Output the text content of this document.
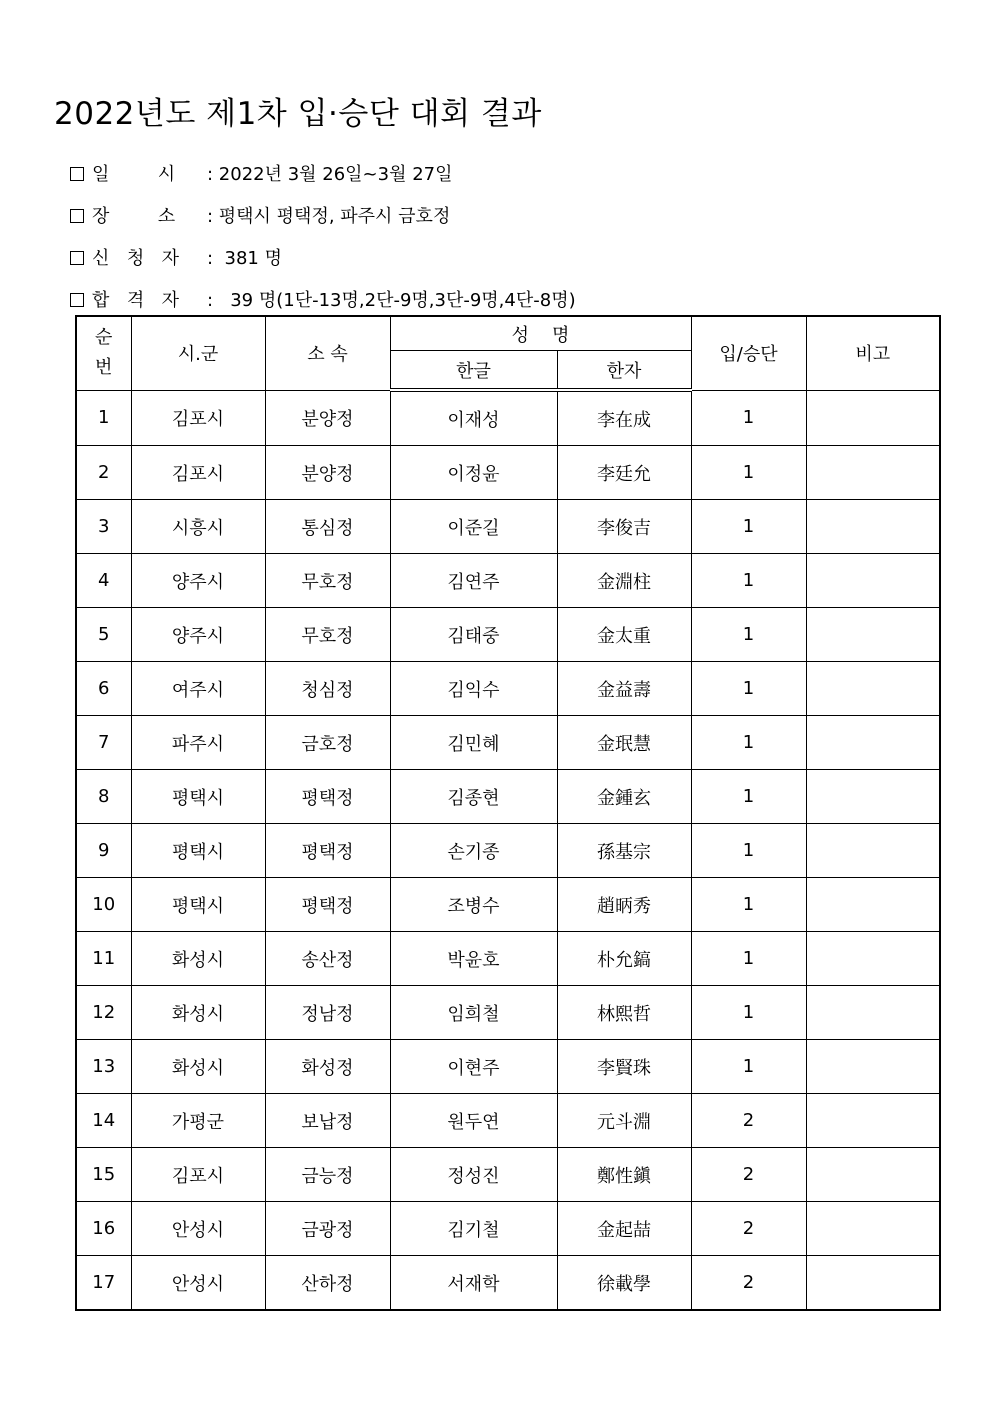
2022년도 제1차 입·승단 대회 결과
일      시 : 2022년 3월 26일~3월 27일
장      소 : 평택시 평택정, 파주시 금호정
신  청  자 :  381 명
합  격  자 :   39 명(1단-13명,2단-9명,3단-9명,4단-8명)
순
번	시.군	소 속	성    명		입/승단	비고
			한글	한자		
1	김포시	분양정	이재성	李在成	1	
2	김포시	분양정	이정윤	李廷允	1	
3	시흥시	통심정	이준길	李俊吉	1	
4	양주시	무호정	김연주	金淵柱	1	
5	양주시	무호정	김태중	金太重	1	
6	여주시	청심정	김익수	金益壽	1	
7	파주시	금호정	김민혜	金珉慧	1	
8	평택시	평택정	김종현	金鍾玄	1	
9	평택시	평택정	손기종	孫基宗	1	
10	평택시	평택정	조병수	趙昞秀	1	
11	화성시	송산정	박윤호	朴允鎬	1	
12	화성시	정남정	임희철	林熙哲	1	
13	화성시	화성정	이현주	李賢珠	1	
14	가평군	보납정	원두연	元斗淵	2	
15	김포시	금능정	정성진	鄭性鎭	2	
16	안성시	금광정	김기철	金起喆	2	
17	안성시	산하정	서재학	徐載學	2	
